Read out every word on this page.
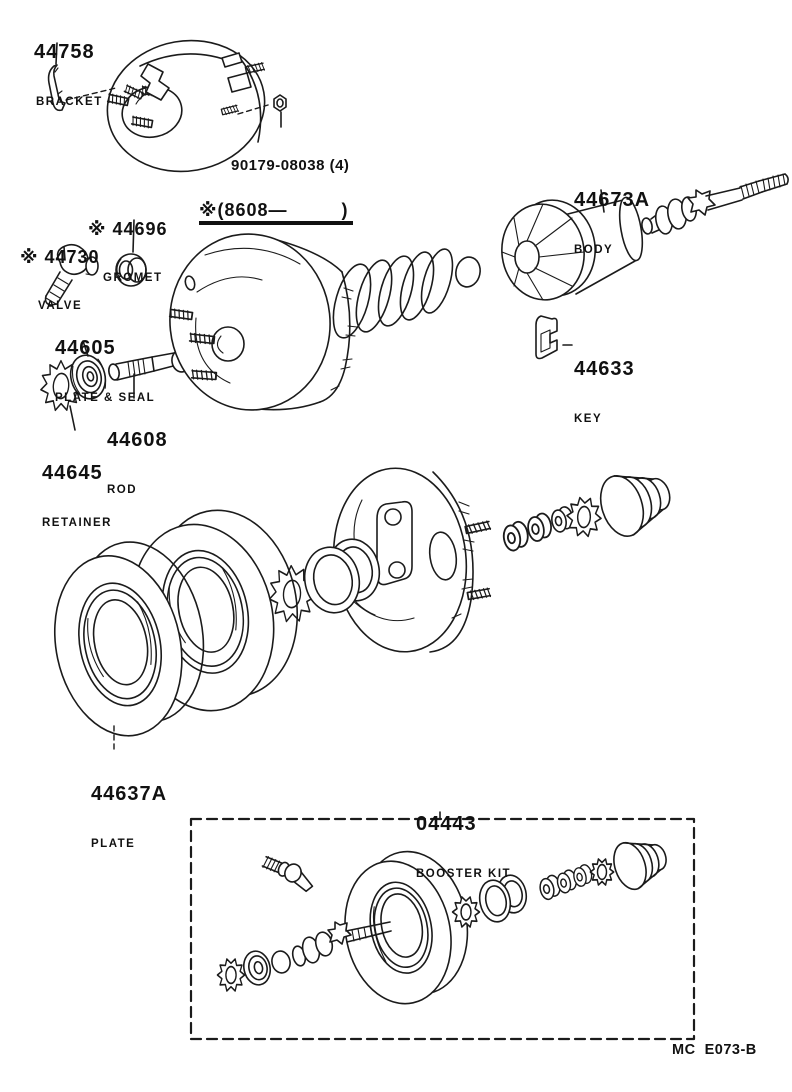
44758

BRACKET

90179-08038 (4)

※(8608—         )

※ 44696

GROMET

※ 44730

VALVE

44605

PLATE & SEAL

44608

ROD

44645

RETAINER

44673A

BODY

44633

KEY

44637A

PLATE

04443

BOOSTER KIT

MC  E073-B
